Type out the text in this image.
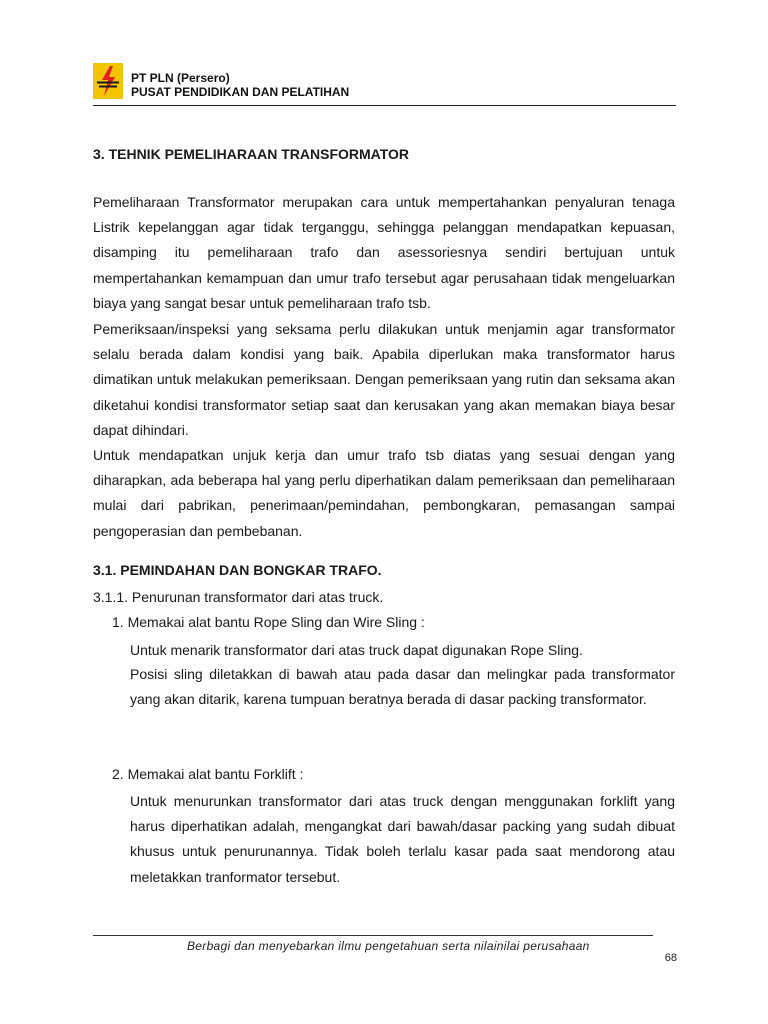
PT PLN (Persero)
PUSAT PENDIDIKAN DAN PELATIHAN
3. TEHNIK PEMELIHARAAN TRANSFORMATOR

Pemeliharaan Transformator merupakan cara untuk mempertahankan penyaluran tenaga Listrik kepelanggan agar tidak terganggu, sehingga pelanggan mendapatkan kepuasan, disamping itu pemeliharaan trafo dan asessoriesnya sendiri bertujuan untuk mempertahankan kemampuan dan umur trafo tersebut agar perusahaan tidak mengeluarkan biaya yang sangat besar untuk pemeliharaan trafo tsb.

Pemeriksaan/inspeksi yang seksama perlu dilakukan untuk menjamin agar transformator selalu berada dalam kondisi yang baik. Apabila diperlukan maka transformator harus dimatikan untuk melakukan pemeriksaan. Dengan pemeriksaan yang rutin dan seksama akan diketahui kondisi transformator setiap saat dan kerusakan yang akan memakan biaya besar dapat dihindari.

Untuk mendapatkan unjuk kerja dan umur trafo tsb diatas yang sesuai dengan yang diharapkan, ada beberapa hal yang perlu diperhatikan dalam pemeriksaan dan pemeliharaan mulai dari pabrikan, penerimaan/pemindahan, pembongkaran, pemasangan sampai pengoperasian dan pembebanan.

3.1. PEMINDAHAN DAN BONGKAR TRAFO.
3.1.1. Penurunan transformator dari atas truck.
1. Memakai alat bantu Rope Sling dan Wire Sling :

Untuk menarik transformator dari atas truck dapat digunakan Rope Sling.

Posisi sling diletakkan di bawah atau pada dasar dan melingkar pada transformator yang akan ditarik, karena tumpuan beratnya berada di dasar packing transformator.

2. Memakai alat bantu Forklift :

Untuk menurunkan transformator dari atas truck dengan menggunakan forklift yang harus diperhatikan adalah, mengangkat dari bawah/dasar packing yang sudah dibuat khusus untuk penurunannya. Tidak boleh terlalu kasar pada saat mendorong atau meletakkan tranformator tersebut.

Berbagi dan menyebarkan ilmu pengetahuan serta nilainilai perusahaan
68
